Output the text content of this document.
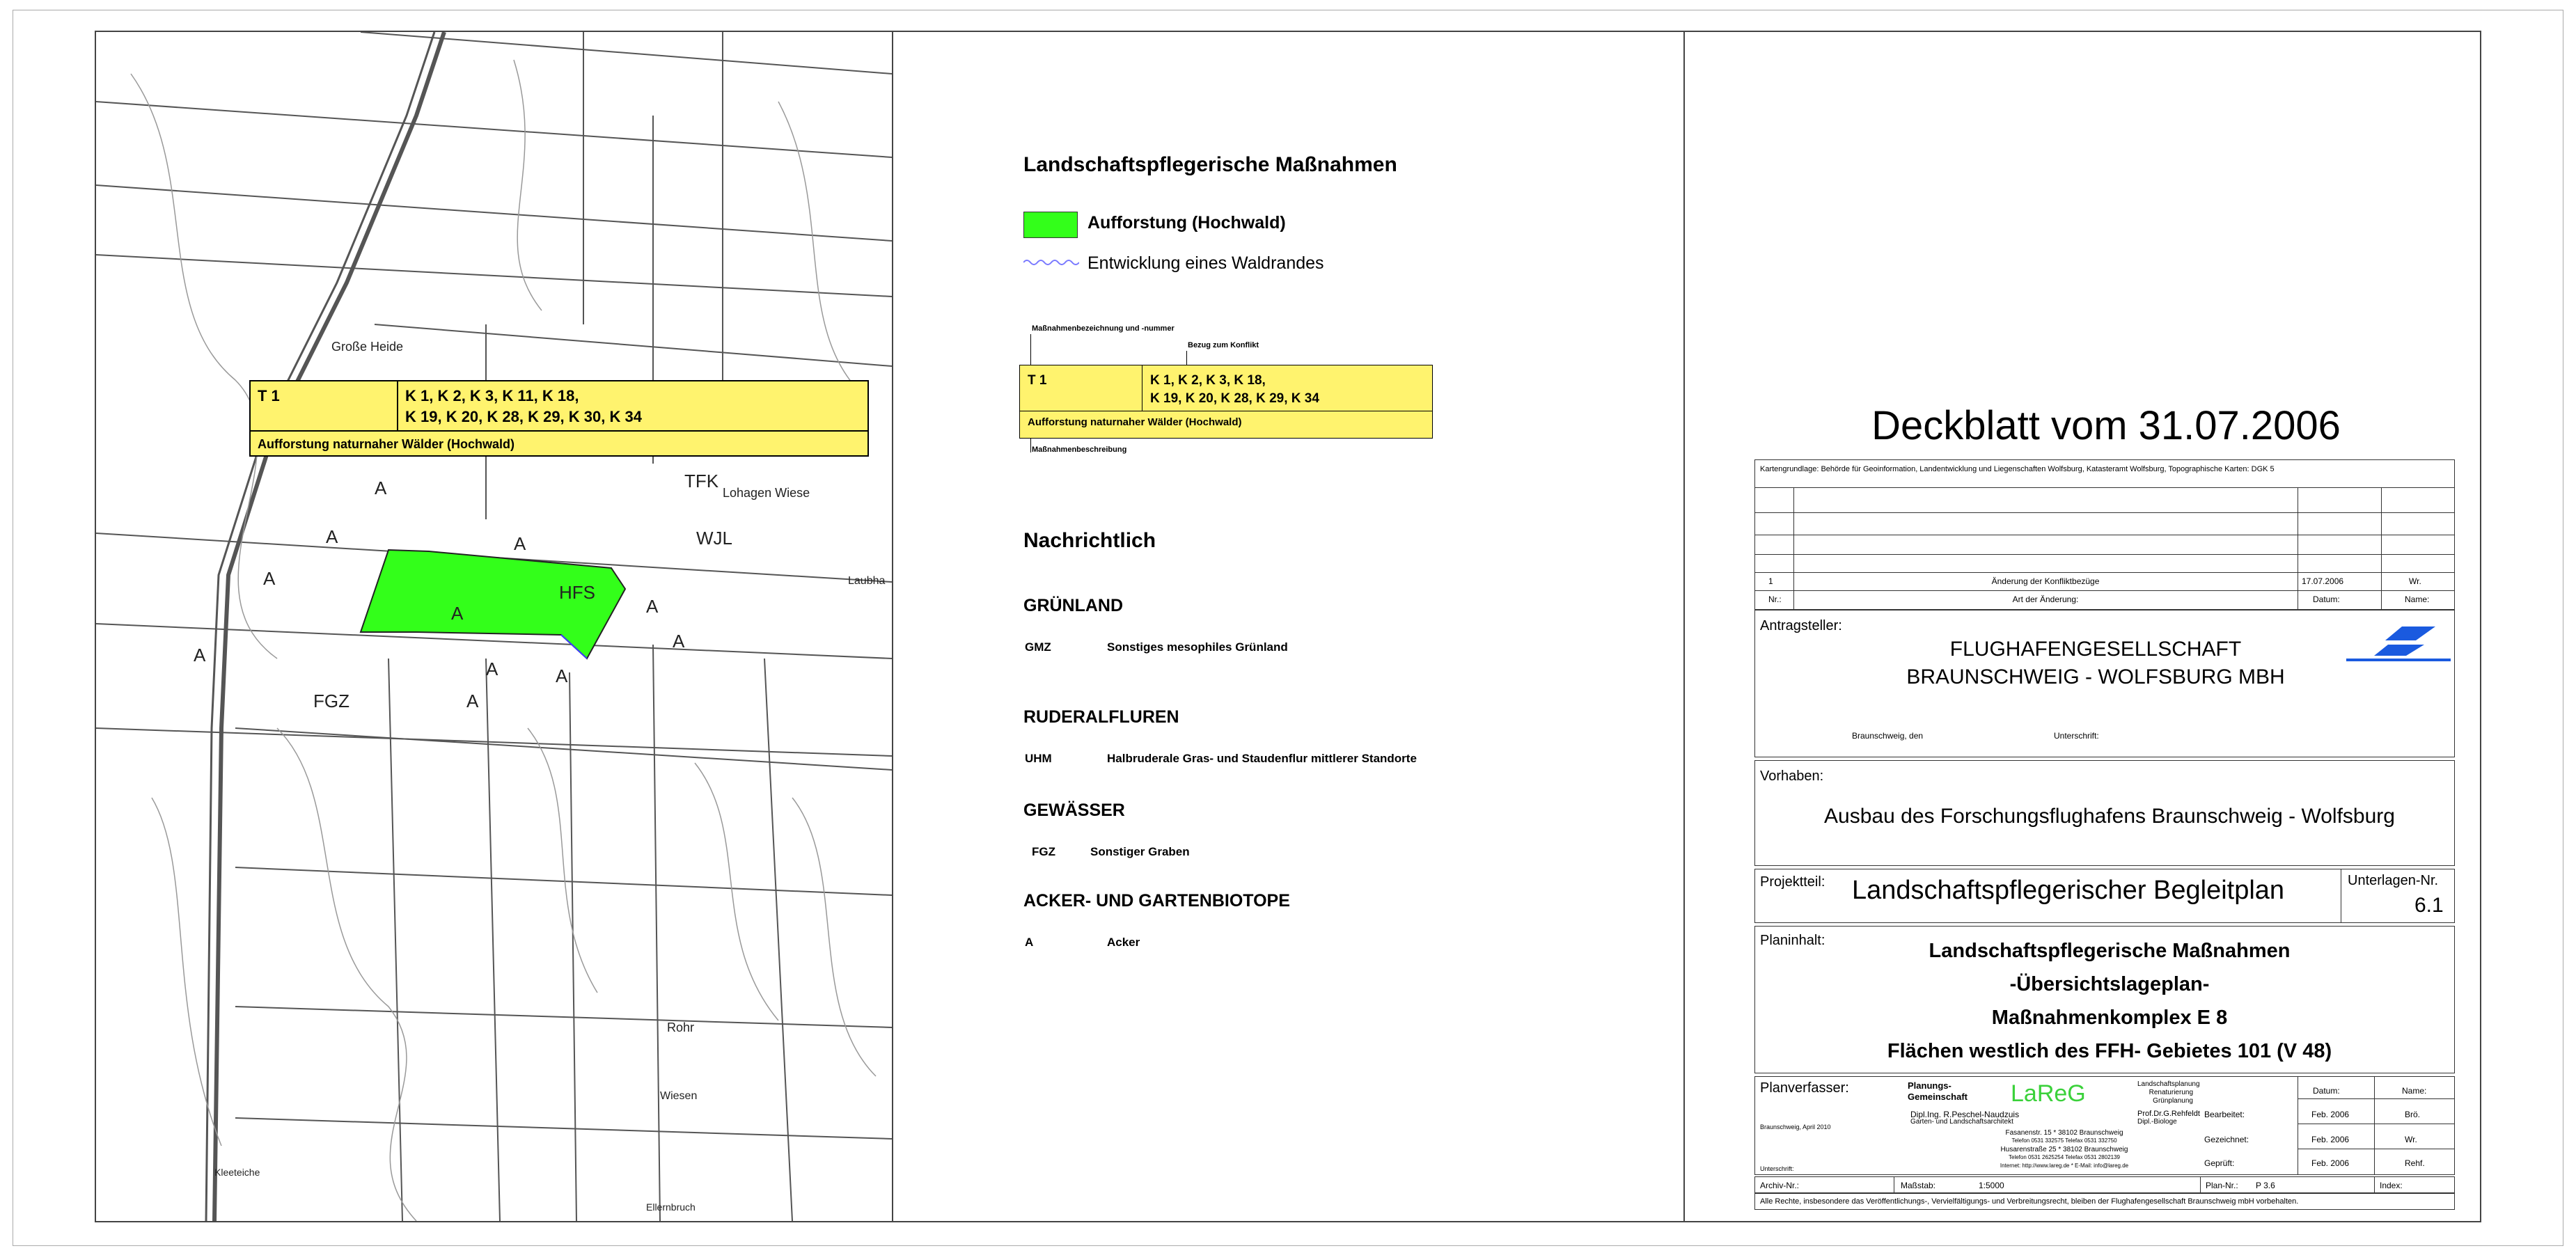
T 1	K 1, K 2, K 3, K 11, K 18,
K 19, K 20, K 28, K 29, K 30, K 34
Aufforstung naturnaher Wälder (Hochwald)
Große Heide
TFK
Lohagen Wiese
WJL
HFS
FGZ
A
A
A
A
A
A
A
A	A
A
A
Rohr
Wiesen
Laubha
Kleeteiche
Ellernbruch
Landschaftspflegerische Maßnahmen
Aufforstung (Hochwald)
Entwicklung eines Waldrandes
Maßnahmenbezeichnung und -nummer
Bezug zum Konflikt
T 1	K 1, K 2, K 3, K 18,
K 19, K 20, K 28, K 29, K 34
Aufforstung naturnaher Wälder (Hochwald)
Maßnahmenbeschreibung
Nachrichtlich
GRÜNLAND
GMZ	Sonstiges mesophiles Grünland
RUDERALFLUREN
UHM	Halbruderale Gras- und Staudenflur mittlerer Standorte
GEWÄSSER
FGZ	Sonstiger Graben
ACKER- UND GARTENBIOTOPE
A	Acker
Deckblatt vom 31.07.2006
Kartengrundlage: Behörde für Geoinformation, Landentwicklung und Liegenschaften Wolfsburg, Katasteramt Wolfsburg, Topographische Karten: DGK 5
1	Änderung der Konfliktbezüge	17.07.2006	Wr.
Nr.:	Art der Änderung:	Datum:	Name:
Antragsteller:
FLUGHAFENGESELLSCHAFT
BRAUNSCHWEIG - WOLFSBURG MBH
Braunschweig, den	Unterschrift:
Vorhaben:
Ausbau des Forschungsflughafens Braunschweig - Wolfsburg
Projektteil: Landschaftspflegerischer Begleitplan	Unterlagen-Nr.
6.1
Planinhalt:	Landschaftspflegerische Maßnahmen
-Übersichtslageplan-
Maßnahmenkomplex E 8
Flächen westlich des FFH- Gebietes 101 (V 48)
Planverfasser:	Planungs-
Gemeinschaft LaReG	Landschaftsplanung
Renaturierung
Grünplanung
Dipl.Ing. R.Peschel-Naudzuis
Garten- und Landschaftsarchitekt
Prof.Dr.G.Rehfeldt
Dipl.-Biologe
Fasanenstr. 15 * 38102 Braunschweig
Telefon 0531 332575 Telefax 0531 332750
Husarenstraße 25 * 38102 Braunschweig
Telefon 0531 2625254 Telefax 0531 2802139
Internet: http://www.lareg.de * E-Mail: info@lareg.de
Braunschweig, April 2010
Unterschrift:
Datum:	Name:
Bearbeitet:	Feb. 2006	Brö.
Gezeichnet:	Feb. 2006	Wr.
Geprüft:	Feb. 2006	Rehf.
Archiv-Nr.:	Maßstab:	1:5000	Plan-Nr.: P 3.6	Index:
Alle Rechte, insbesondere das Veröffentlichungs-, Vervielfältigungs- und Verbreitungsrecht, bleiben der Flughafengesellschaft Braunschweig mbH vorbehalten.
